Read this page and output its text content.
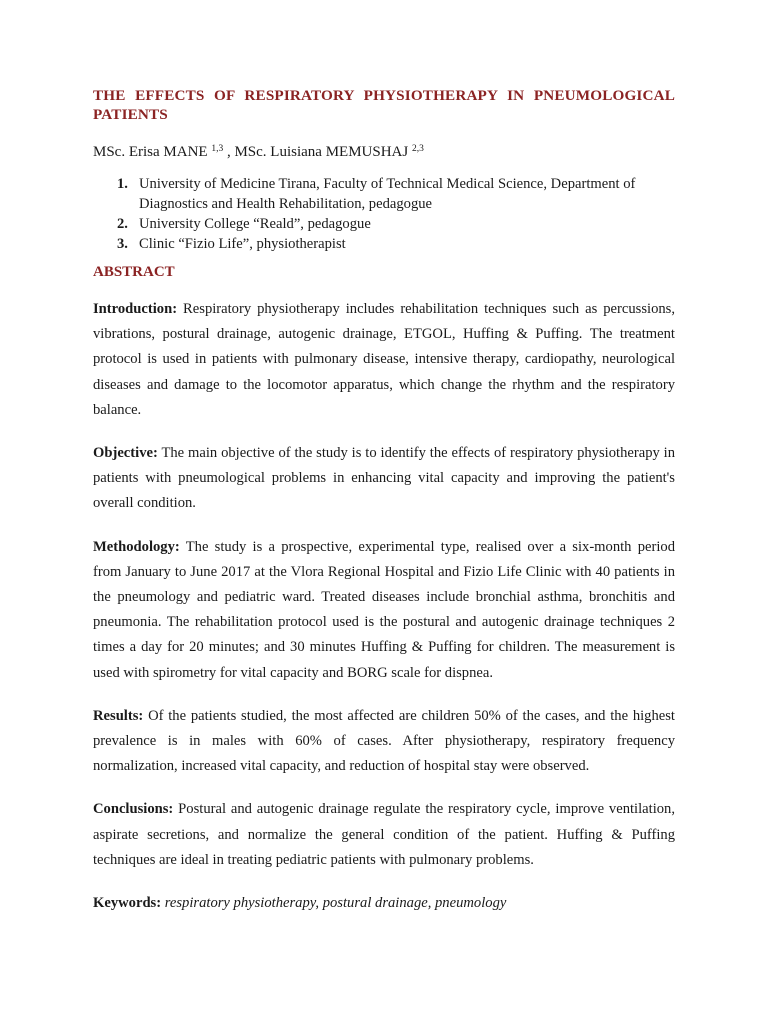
THE EFFECTS OF RESPIRATORY PHYSIOTHERAPY IN PNEUMOLOGICAL PATIENTS
MSc. Erisa MANE $^{1,3}$ , MSc. Luisiana MEMUSHAJ $^{2,3}$
1. University of Medicine Tirana, Faculty of Technical Medical Science, Department of Diagnostics and Health Rehabilitation, pedagogue
2. University College “Reald”, pedagogue
3. Clinic “Fizio Life”, physiotherapist
ABSTRACT

Introduction: Respiratory physiotherapy includes rehabilitation techniques such as percussions, vibrations, postural drainage, autogenic drainage, ETGOL, Huffing & Puffing. The treatment protocol is used in patients with pulmonary disease, intensive therapy, cardiopathy, neurological diseases and damage to the locomotor apparatus, which change the rhythm and the respiratory balance.

Objective: The main objective of the study is to identify the effects of respiratory physiotherapy in patients with pneumological problems in enhancing vital capacity and improving the patient's overall condition.

Methodology: The study is a prospective, experimental type, realised over a six-month period from January to June 2017 at the Vlora Regional Hospital and Fizio Life Clinic with 40 patients in the pneumology and pediatric ward. Treated diseases include bronchial asthma, bronchitis and pneumonia. The rehabilitation protocol used is the postural and autogenic drainage techniques 2 times a day for 20 minutes; and 30 minutes Huffing & Puffing for children. The measurement is used with spirometry for vital capacity and BORG scale for dispnea.

Results: Of the patients studied, the most affected are children 50% of the cases, and the highest prevalence is in males with 60% of cases. After physiotherapy, respiratory frequency normalization, increased vital capacity, and reduction of hospital stay were observed.

Conclusions: Postural and autogenic drainage regulate the respiratory cycle, improve ventilation, aspirate secretions, and normalize the general condition of the patient. Huffing & Puffing techniques are ideal in treating pediatric patients with pulmonary problems.

Keywords: respiratory physiotherapy, postural drainage, pneumology
